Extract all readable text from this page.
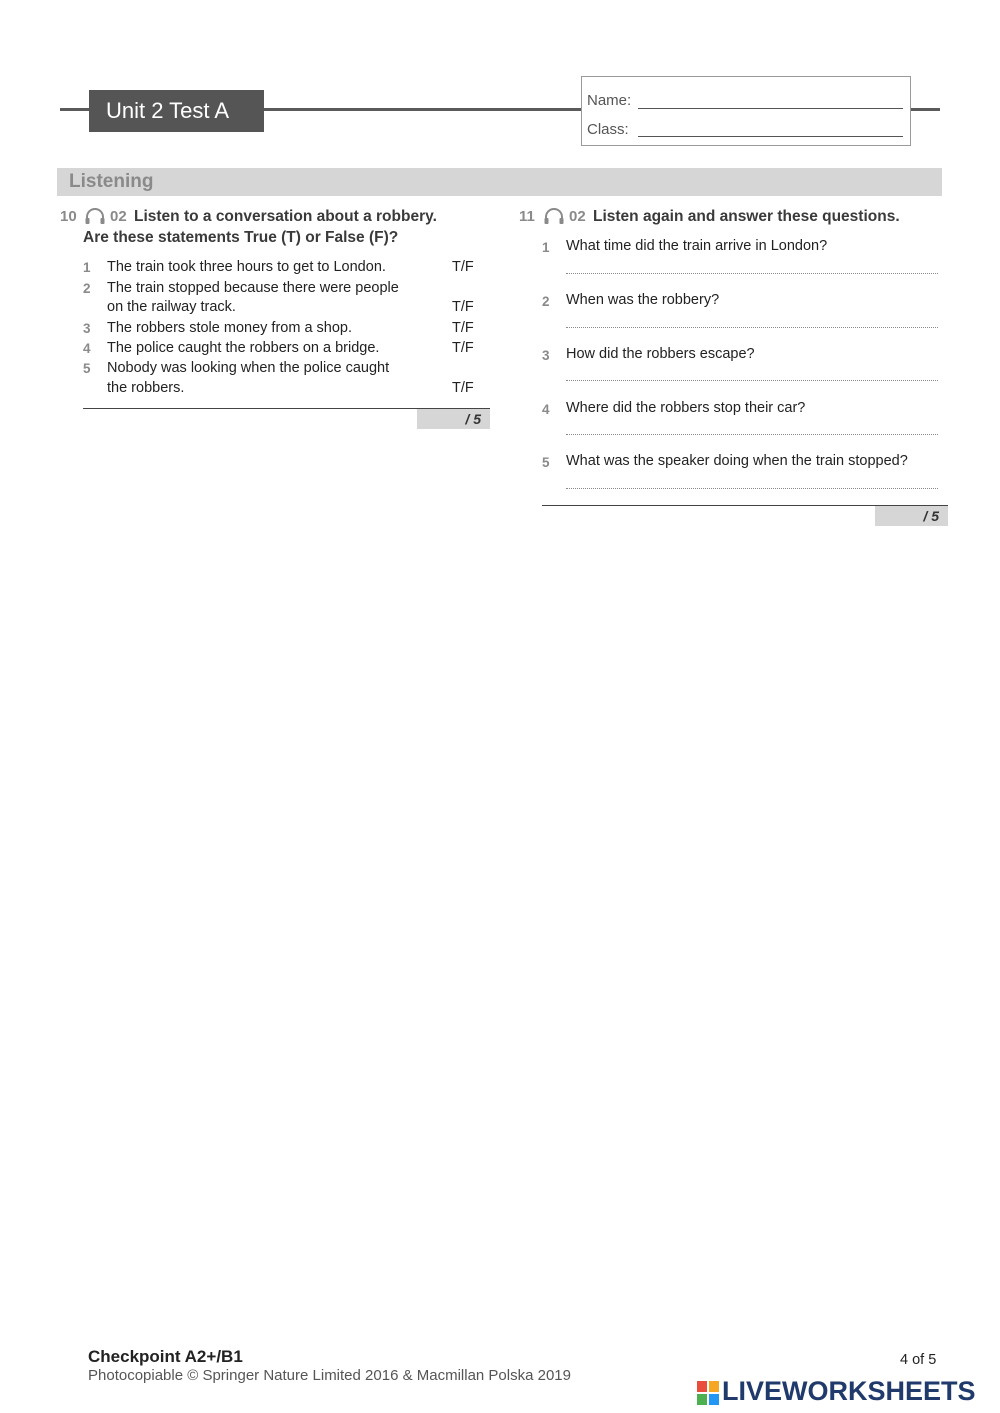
Unit 2 Test A	Name:
Class:
Listening
10 02 Listen to a conversation about a robbery.
Are these statements True (T) or False (F)?
1 The train took three hours to get to London.	T/F
2 The train stopped because there were people
on the railway track.	T/F
3 The robbers stole money from a shop.	T/F
4 The police caught the robbers on a bridge.	T/F
5 Nobody was looking when the police caught
the robbers.	T/F
/ 5
11 02 Listen again and answer these questions.
1 What time did the train arrive in London?
2 When was the robbery?
3 How did the robbers escape?
4 Where did the robbers stop their car?
5 What was the speaker doing when the train stopped?
/ 5
Checkpoint A2+/B1
Photocopiable © Springer Nature Limited 2016 & Macmillan Polska 2019
4 of 5
LIVEWORKSHEETS
